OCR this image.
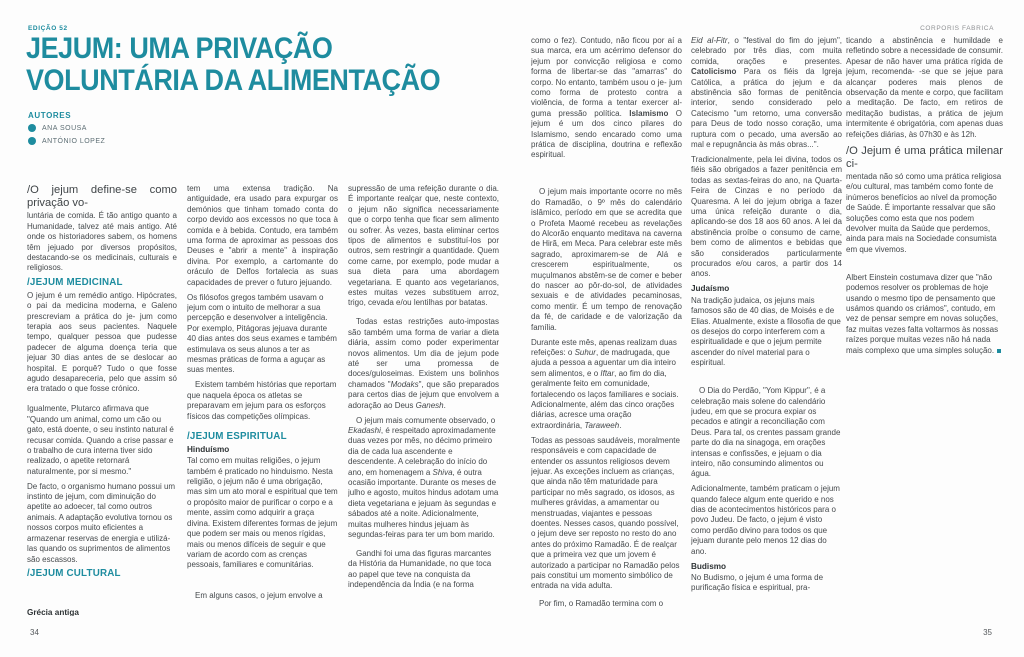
EDIÇÃO 52	CORPORIS FABRICA
JEJUM: UMA PRIVAÇÃO
VOLUNTÁRIA DA ALIMENTAÇÃO
AUTORES
ANA SOUSA
ANTÓNIO LOPEZ
/O jejum define-se como privação vo-
luntária de comida. É tão antigo quanto a Humanidade, talvez até mais antigo. Até onde os historiadores sabem, os homens têm jejuado por diversos propósitos, destacando-se os medicinais, culturais e religiosos.
/JEJUM MEDICINAL
O jejum é um remédio antigo. Hipócrates, o pai da medicina moderna, e Galeno prescreviam a prática do je- jum como terapia aos seus pacientes. Naquele tempo, qualquer pessoa que pudesse padecer de alguma doença teria que jejuar 30 dias antes de se deslocar ao hospital. E porquê? Tudo o que fosse agudo desapareceria, pelo que assim só era tratado o que fosse crónico.
Igualmente, Plutarco afirmava que "Quando um animal, como um cão ou gato, está doente, o seu instinto natural é recusar comida. Quando a crise passar e o trabalho de cura interna tiver sido realizado, o apetite retornará naturalmente, por si mesmo."
De facto, o organismo humano possui um instinto de jejum, com diminuição do apetite ao adoecer, tal como outros animais. A adaptação evolutiva tornou os nossos corpos muito eficientes a armazenar reservas de energia e utilizá-las quando os suprimentos de alimentos são escassos.
/JEJUM CULTURAL
Grécia antiga
tem uma extensa tradição. Na antiguidade, era usado para expurgar os demónios que tinham tomado conta do corpo devido aos excessos no que toca à comida e à bebida. Contudo, era também uma forma de aproximar as pessoas dos Deuses e "abrir a mente" à inspiração divina. Por exemplo, a cartomante do oráculo de Delfos fortalecia as suas capacidades de prever o futuro jejuando.
Os filósofos gregos também usavam o jejum com o intuito de melhorar a sua percepção e desenvolver a inteligência. Por exemplo, Pitágoras jejuava durante 40 dias antes dos seus exames e também estimulava os seus alunos a ter as mesmas práticas de forma a aguçar as suas mentes.
Existem também histórias que reportam que naquela época os atletas se preparavam em jejum para os esforços físicos das competições olímpicas.
/JEJUM ESPIRITUAL
Hinduísmo
Tal como em muitas religiões, o jejum também é praticado no hinduismo. Nesta religião, o jejum não é uma obrigação, mas sim um ato moral e espiritual que tem o propósito maior de purificar o corpo e a mente, assim como adquirir a graça divina. Existem diferentes formas de jejum que podem ser mais ou menos rígidas, mais ou menos difíceis de seguir e que variam de acordo com as crenças pessoais, familiares e comunitárias.
Em alguns casos, o jejum envolve a
supressão de uma refeição durante o dia. É importante realçar que, neste contexto, o jejum não significa necessariamente que o corpo tenha que ficar sem alimento ou sofrer. Às vezes, basta eliminar certos tipos de alimentos e substituí-los por outros, sem restringir a quantidade. Quem come carne, por exemplo, pode mudar a sua dieta para uma abordagem vegetariana. E quanto aos vegetarianos, estes muitas vezes substituem arroz, trigo, cevada e/ou lentilhas por batatas.
Todas estas restrições auto-impostas são também uma forma de variar a dieta diária, assim como poder experimentar novos alimentos. Um dia de jejum pode até ser uma promessa de doces/guloseimas. Existem uns bolinhos chamados "Modaks", que são preparados para certos dias de jejum que envolvem a adoração ao Deus Ganesh.
O jejum mais comumente observado, o Ekadashi, é respeitado aproximadamente duas vezes por mês, no décimo primeiro dia de cada lua ascendente e descendente. A celebração do início do ano, em homenagem a Shiva, é outra ocasião importante. Durante os meses de julho e agosto, muitos hindus adotam uma dieta vegetariana e jejuam às segundas e sábados até a noite. Adicionalmente, muitas mulheres hindus jejuam às segundas-feiras para ter um bom marido.
Gandhi foi uma das figuras marcantes da História da Humanidade, no que toca ao papel que teve na conquista da independência da Índia (e na forma
como o fez). Contudo, não ficou por aí a sua marca, era um acérrimo defensor do jejum por convicção religiosa e como forma de libertar-se das "amarras" do corpo. No entanto, também usou o je- jum como forma de protesto contra a violência, de forma a tentar exercer al- guma pressão política. Islamismo O jejum é um dos cinco pilares do Islamismo, sendo encarado como uma prática de disciplina, doutrina e reflexão espiritual.
O jejum mais importante ocorre no mês do Ramadão, o 9º mês do calendário islâmico, período em que se acredita que o Profeta Maomé recebeu as revelações do Alcorão enquanto meditava na caverna de Hirã, em Meca. Para celebrar este mês sagrado, aproximarem-se de Alá e crescerem espiritualmente, os muçulmanos abstêm-se de comer e beber do nascer ao pôr-do-sol, de atividades sexuais e de atividades pecaminosas, como mentir. É um tempo de renovação da fé, de caridade e de valorização da família.
Durante este mês, apenas realizam duas refeições: o Suhur, de madrugada, que ajuda a pessoa a aguentar um dia inteiro sem alimentos, e o Iftar, ao fim do dia, geralmente feito em comunidade, fortalecendo os laços familiares e sociais. Adicionalmente, além das cinco orações diárias, acresce uma oração extraordinária, Taraweeh.
Todas as pessoas saudáveis, moralmente responsáveis e com capacidade de entender os assuntos religiosos devem jejuar. As exceções incluem as crianças, que ainda não têm maturidade para participar no mês sagrado, os idosos, as mulheres grávidas, a amamentar ou menstruadas, viajantes e pessoas doentes. Nesses casos, quando possível, o jejum deve ser reposto no resto do ano antes do próximo Ramadão. É de realçar que a primeira vez que um jovem é autorizado a participar no Ramadão pelos pais constitui um momento simbólico de entrada na vida adulta.
Por fim, o Ramadão termina com o
Eid al-Fitr, o "festival do fim do jejum", celebrado por três dias, com muita comida, orações e presentes. Catolicismo Para os fiéis da Igreja Católica, a prática do jejum e da abstinência são formas de penitência interior, sendo considerado pelo Catecismo "um retorno, uma conversão para Deus de todo nosso coração, uma ruptura com o pecado, uma aversão ao mal e repugnância às más obras...".
Tradicionalmente, pela lei divina, todos os fiéis são obrigados a fazer penitência em todas as sextas-feiras do ano, na Quarta-Feira de Cinzas e no período da Quaresma. A lei do jejum obriga a fazer uma única refeição durante o dia, aplicando-se dos 18 aos 60 anos. A lei da abstinência proíbe o consumo de carne, bem como de alimentos e bebidas que são considerados particularmente procurados e/ou caros, a partir dos 14 anos.
Judaísmo
Na tradição judaica, os jejuns mais famosos são de 40 dias, de Moisés e de Elias. Atualmente, existe a filosofia de que os desejos do corpo interferem com a espiritualidade e que o jejum permite ascender do nível material para o espiritual.
O Dia do Perdão, "Yom Kippur", é a celebração mais solene do calendário judeu, em que se procura expiar os pecados e atingir a reconciliação com Deus. Para tal, os crentes passam grande parte do dia na sinagoga, em orações intensas e confissões, e jejuam o dia inteiro, não consumindo alimentos ou água.
Adicionalmente, também praticam o jejum quando falece algum ente querido e nos dias de acontecimentos históricos para o povo Judeu. De facto, o jejum é visto como perdão divino para todos os que jejuam durante pelo menos 12 dias do ano.
Budismo
No Budismo, o jejum é uma forma de purificação física e espiritual, pra-
ticando a abstinência e humildade e refletindo sobre a necessidade de consumir. Apesar de não haver uma prática rígida de jejum, recomenda- -se que se jejue para alcançar poderes mais plenos de observação da mente e corpo, que facilitam a meditação. De facto, em retiros de meditação budistas, a prática de jejum intermitente é obrigatória, com apenas duas refeições diárias, às 07h30 e às 12h.
/O Jejum é uma prática milenar ci-
mentada não só como uma prática religiosa e/ou cultural, mas também como fonte de inúmeros benefícios ao nível da promoção de Saúde. É importante ressalvar que são soluções como esta que nos podem devolver muita da Saúde que perdemos, ainda para mais na Sociedade consumista em que vivemos.
Albert Einstein costumava dizer que "não podemos resolver os problemas de hoje usando o mesmo tipo de pensamento que usámos quando os criámos", contudo, em vez de pensar sempre em novas soluções, faz muitas vezes falta voltarmos às nossas raízes porque muitas vezes não há nada mais complexo que uma simples solução.
34	35
